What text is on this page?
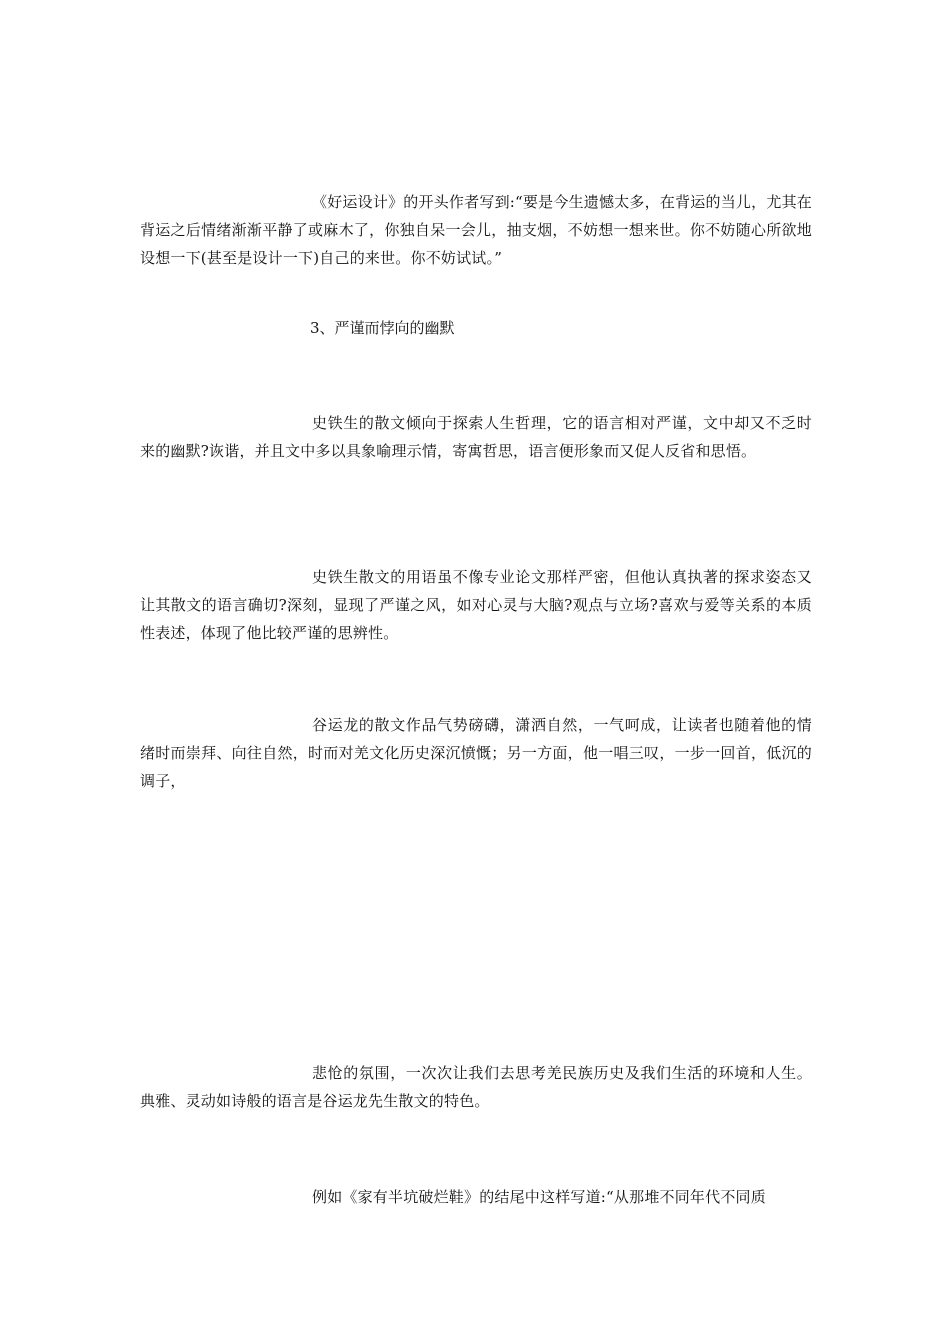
《好运设计》的开头作者写到:“要是今生遗憾太多，在背运的当儿，尤其在背运之后情绪渐渐平静了或麻木了，你独自呆一会儿，抽支烟，不妨想一想来世。你不妨随心所欲地设想一下(甚至是设计一下)自己的来世。你不妨试试。”

3、严谨而悖向的幽默

史铁生的散文倾向于探索人生哲理，它的语言相对严谨，文中却又不乏时来的幽默?诙谐，并且文中多以具象喻理示情，寄寓哲思，语言便形象而又促人反省和思悟。

史铁生散文的用语虽不像专业论文那样严密，但他认真执著的探求姿态又让其散文的语言确切?深刻，显现了严谨之风，如对心灵与大脑?观点与立场?喜欢与爱等关系的本质性表述，体现了他比较严谨的思辨性。

谷运龙的散文作品气势磅礴，潇洒自然，一气呵成，让读者也随着他的情绪时而崇拜、向往自然，时而对羌文化历史深沉愤慨；另一方面，他一唱三叹，一步一回首，低沉的调子，

悲怆的氛围，一次次让我们去思考羌民族历史及我们生活的环境和人生。典雅、灵动如诗般的语言是谷运龙先生散文的特色。

例如《家有半坑破烂鞋》的结尾中这样写道:“从那堆不同年代不同质
